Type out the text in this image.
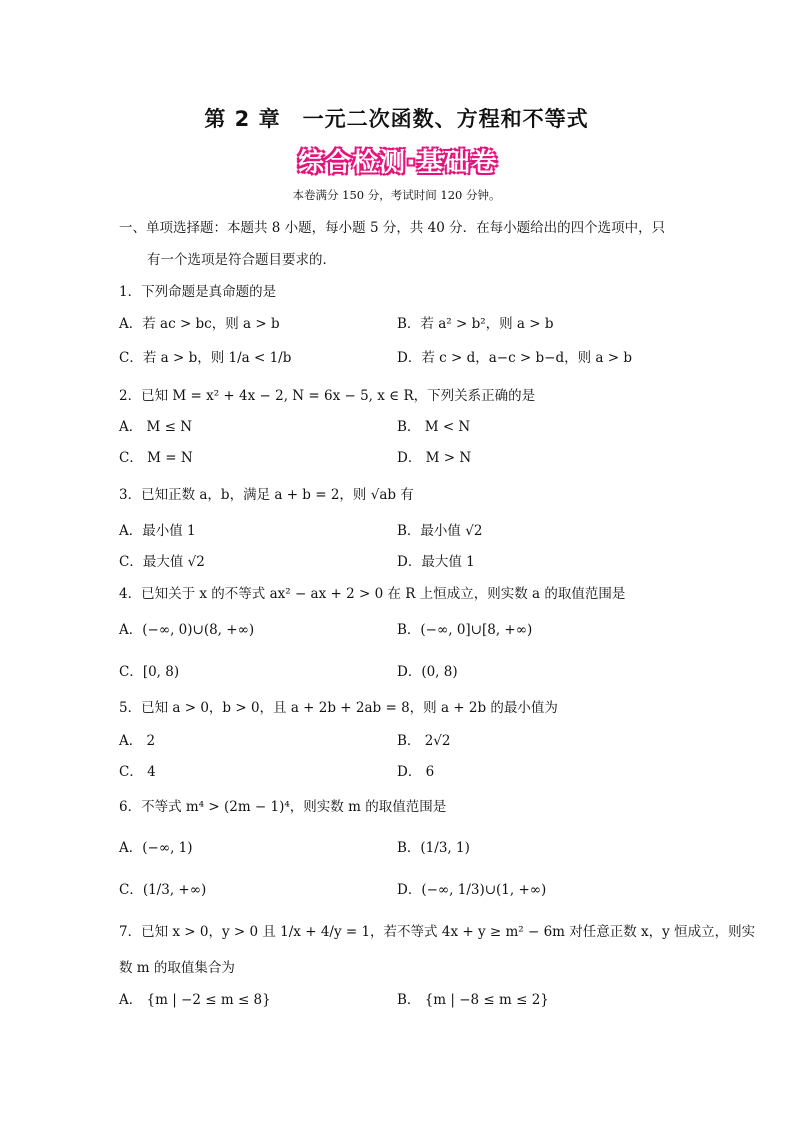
第 2 章　一元二次函数、方程和不等式
综合检测·基础卷
本卷满分 150 分，考试时间 120 分钟。
一、单项选择题：本题共 8 小题，每小题 5 分，共 40 分．在每小题给出的四个选项中，只
有一个选项是符合题目要求的．
1．下列命题是真命题的是
A．若 ac > bc，则 a > b	B．若 a² > b²，则 a > b
C．若 a > b，则 1/a < 1/b	D．若 c > d，a−c > b−d，则 a > b
2．已知 M = x² + 4x − 2, N = 6x − 5, x ∈ R，下列关系正确的是
A． M ≤ N	B． M < N
C． M = N	D． M > N
3．已知正数 a，b，满足 a + b = 2，则 √ab 有
A．最小值 1	B．最小值 √2
C．最大值 √2	D．最大值 1
4．已知关于 x 的不等式 ax² − ax + 2 > 0 在 R 上恒成立，则实数 a 的取值范围是
A．(−∞, 0)∪(8, +∞)	B．(−∞, 0]∪[8, +∞)
C．[0, 8)	D．(0, 8)
5．已知 a > 0，b > 0，且 a + 2b + 2ab = 8，则 a + 2b 的最小值为
A． 2	B． 2√2
C． 4	D． 6
6．不等式 m⁴ > (2m − 1)⁴，则实数 m 的取值范围是
A．(−∞, 1)	B．(1/3, 1)
C．(1/3, +∞)	D．(−∞, 1/3)∪(1, +∞)
7．已知 x > 0，y > 0 且 1/x + 4/y = 1，若不等式 4x + y ≥ m² − 6m 对任意正数 x，y 恒成立，则实
数 m 的取值集合为
A． {m | −2 ≤ m ≤ 8}	B． {m | −8 ≤ m ≤ 2}
